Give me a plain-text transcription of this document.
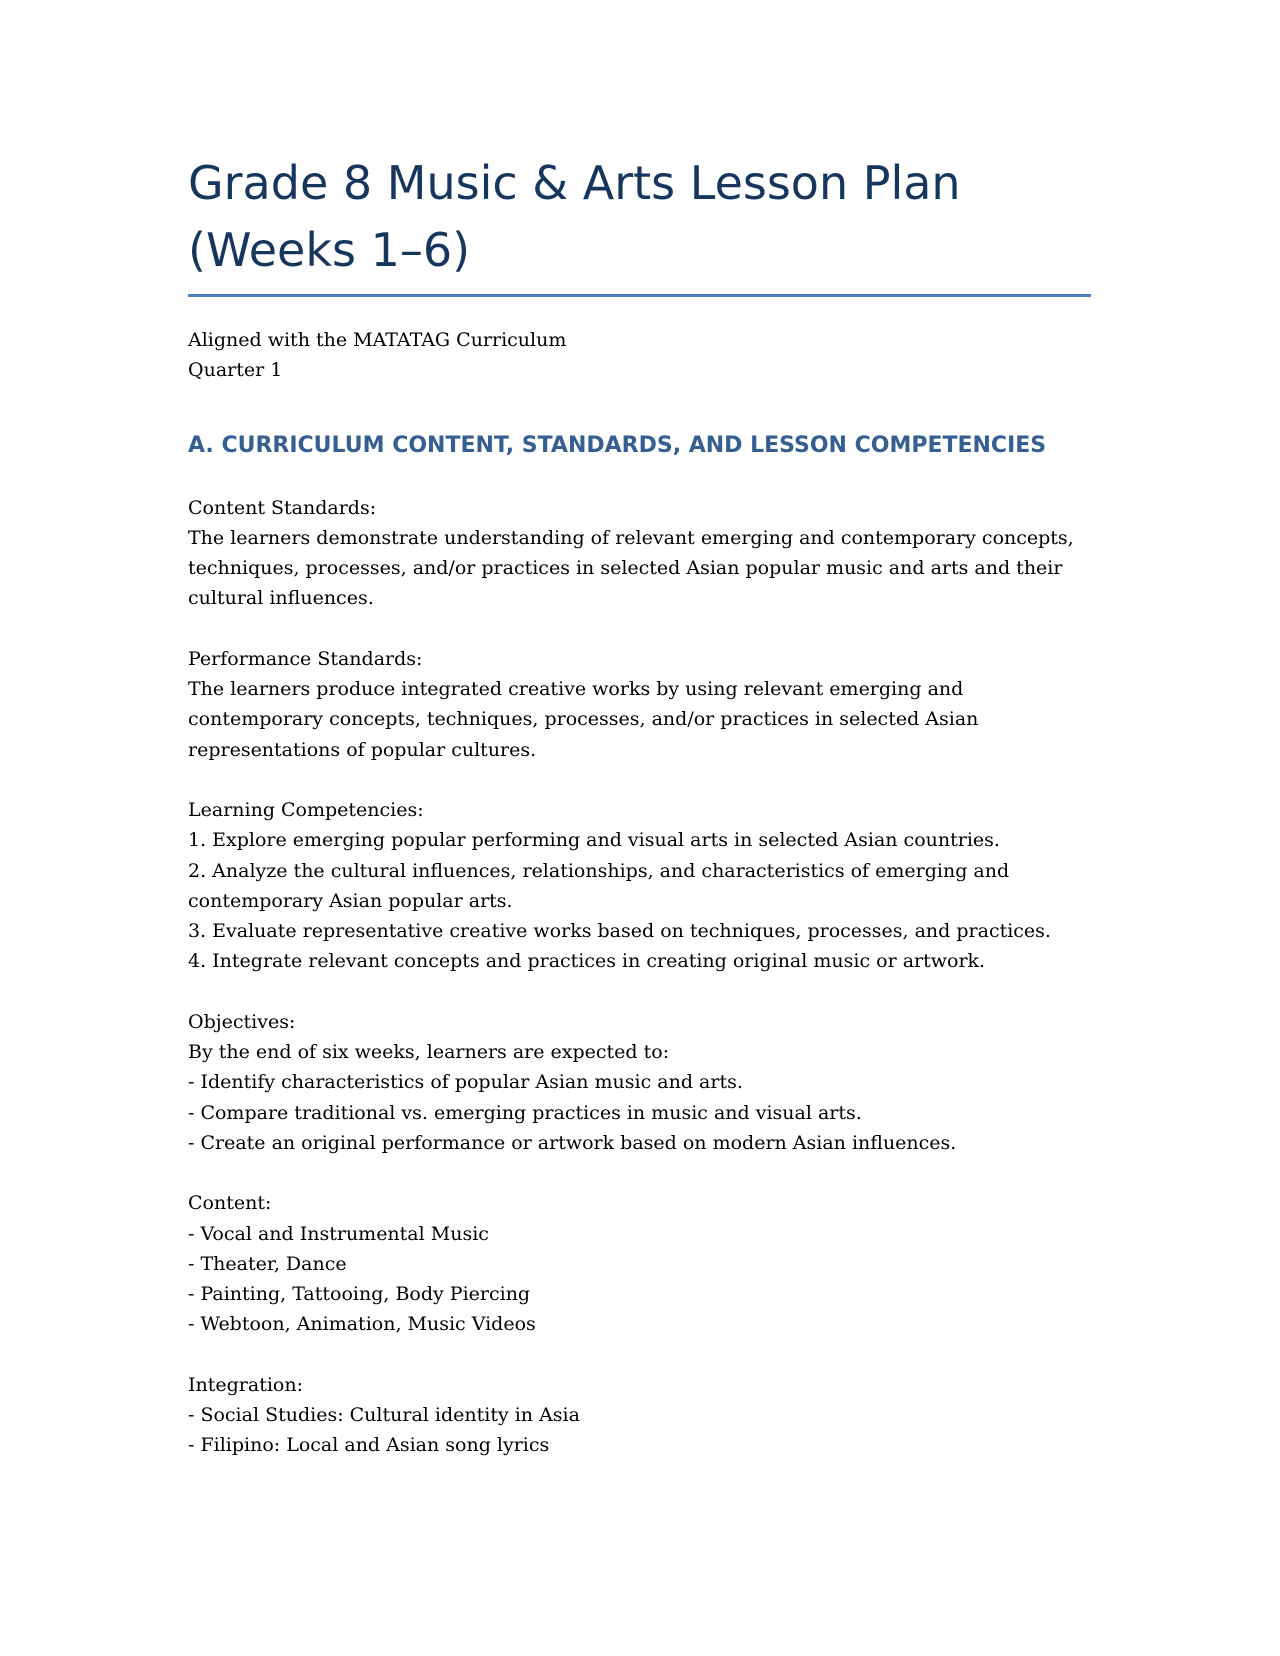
Grade 8 Music & Arts Lesson Plan (Weeks 1–6)
Aligned with the MATATAG Curriculum
Quarter 1
A. CURRICULUM CONTENT, STANDARDS, AND LESSON COMPETENCIES
Content Standards:
The learners demonstrate understanding of relevant emerging and contemporary concepts, techniques, processes, and/or practices in selected Asian popular music and arts and their cultural influences.
Performance Standards:
The learners produce integrated creative works by using relevant emerging and contemporary concepts, techniques, processes, and/or practices in selected Asian representations of popular cultures.
Learning Competencies:
1. Explore emerging popular performing and visual arts in selected Asian countries.
2. Analyze the cultural influences, relationships, and characteristics of emerging and contemporary Asian popular arts.
3. Evaluate representative creative works based on techniques, processes, and practices.
4. Integrate relevant concepts and practices in creating original music or artwork.
Objectives:
By the end of six weeks, learners are expected to:
- Identify characteristics of popular Asian music and arts.
- Compare traditional vs. emerging practices in music and visual arts.
- Create an original performance or artwork based on modern Asian influences.
Content:
- Vocal and Instrumental Music
- Theater, Dance
- Painting, Tattooing, Body Piercing
- Webtoon, Animation, Music Videos
Integration:
- Social Studies: Cultural identity in Asia
- Filipino: Local and Asian song lyrics
